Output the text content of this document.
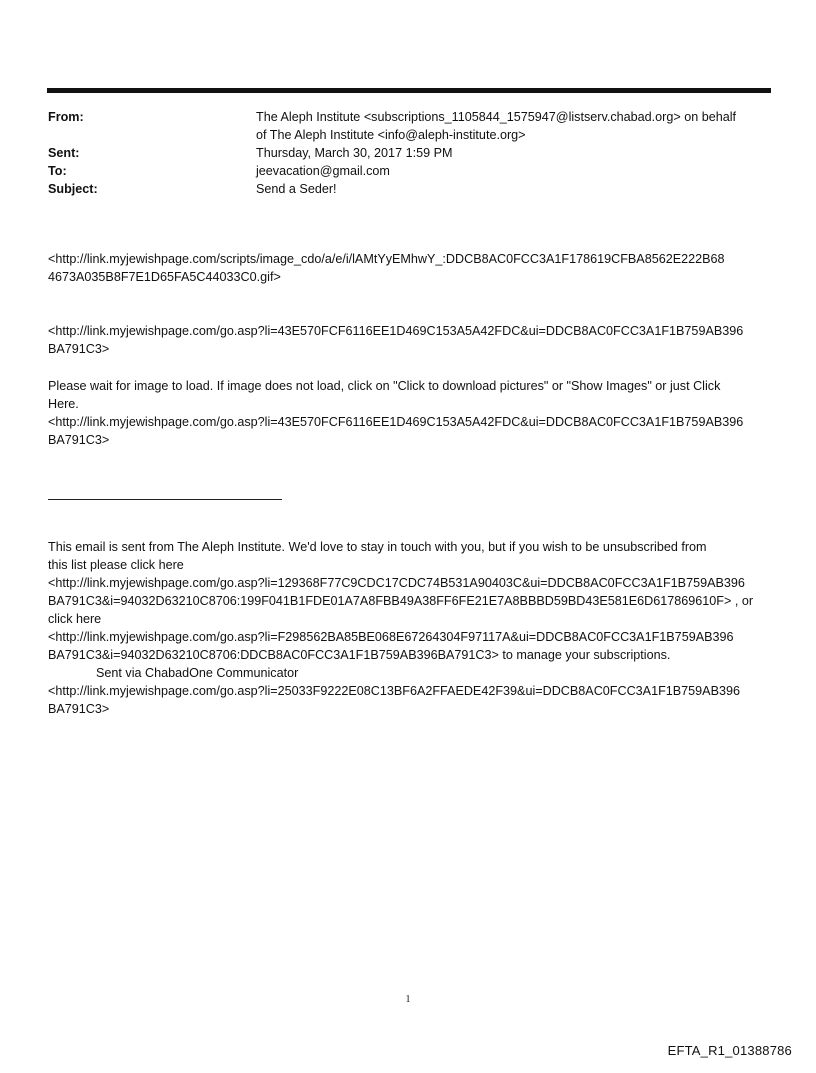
From:	The Aleph Institute <subscriptions_1105844_1575947@listserv.chabad.org> on behalf
of The Aleph Institute <info@aleph-institute.org>
Sent:	Thursday, March 30, 2017 1:59 PM
To:	jeevacation@gmail.com
Subject:	Send a Seder!
<http://link.myjewishpage.com/scripts/image_cdo/a/e/i/lAMtYyEMhwY_:DDCB8AC0FCC3A1F178619CFBA8562E222B68
4673A035B8F7E1D65FA5C44033C0.gif>
<http://link.myjewishpage.com/go.asp?li=43E570FCF6116EE1D469C153A5A42FDC&ui=DDCB8AC0FCC3A1F1B759AB396
BA791C3>
Please wait for image to load. If image does not load, click on "Click to download pictures" or "Show Images" or just Click
Here.
<http://link.myjewishpage.com/go.asp?li=43E570FCF6116EE1D469C153A5A42FDC&ui=DDCB8AC0FCC3A1F1B759AB396
BA791C3>
This email is sent from The Aleph Institute. We'd love to stay in touch with you, but if you wish to be unsubscribed from
this list please click here
<http://link.myjewishpage.com/go.asp?li=129368F77C9CDC17CDC74B531A90403C&ui=DDCB8AC0FCC3A1F1B759AB396
BA791C3&i=94032D63210C8706:199F041B1FDE01A7A8FBB49A38FF6FE21E7A8BBBD59BD43E581E6D617869610F> , or
click here
<http://link.myjewishpage.com/go.asp?li=F298562BA85BE068E67264304F97117A&ui=DDCB8AC0FCC3A1F1B759AB396
BA791C3&i=94032D63210C8706:DDCB8AC0FCC3A1F1B759AB396BA791C3> to manage your subscriptions.
Sent via ChabadOne Communicator
<http://link.myjewishpage.com/go.asp?li=25033F9222E08C13BF6A2FFAEDE42F39&ui=DDCB8AC0FCC3A1F1B759AB396
BA791C3>
1
EFTA_R1_01388786
